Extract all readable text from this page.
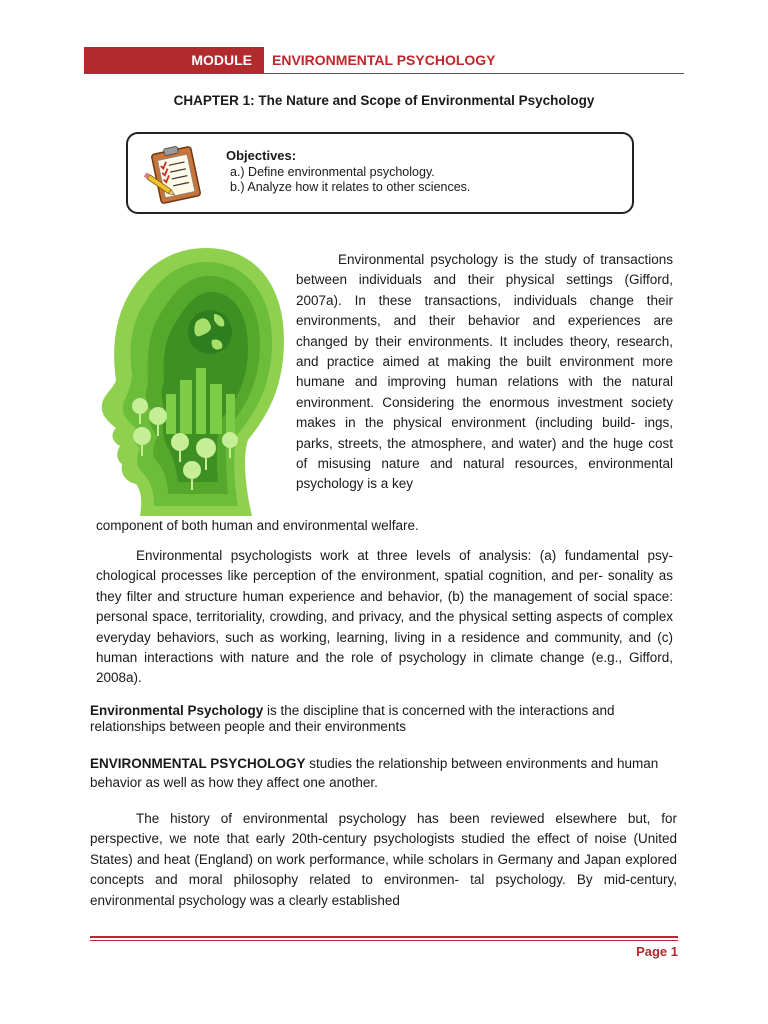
MODULE	ENVIRONMENTAL PSYCHOLOGY
CHAPTER 1: The Nature and Scope of Environmental Psychology
Objectives:
a.) Define environmental psychology.
b.) Analyze how it relates to other sciences.

Environmental psychology is the study of transactions between individuals and their physical settings (Gifford, 2007a). In these transactions, individuals change their environments, and their behavior and experiences are changed by their environments. It includes theory, research, and practice aimed at making the built environment more humane and improving human relations with the natural environment. Considering the enormous investment society makes in the physical environment (including build- ings, parks, streets, the atmosphere, and water) and the huge cost of misusing nature and natural resources, environmental psychology is a key

component of both human and environmental welfare.

Environmental psychologists work at three levels of analysis: (a) fundamental psy- chological processes like perception of the environment, spatial cognition, and per- sonality as they filter and structure human experience and behavior, (b) the management of social space: personal space, territoriality, crowding, and privacy, and the physical setting aspects of complex everyday behaviors, such as working, learning, living in a residence and community, and (c) human interactions with nature and the role of psychology in climate change (e.g., Gifford, 2008a).

Environmental Psychology is the discipline that is concerned with the interactions and relationships between people and their environments

ENVIRONMENTAL PSYCHOLOGY studies the relationship between environments and human behavior as well as how they affect one another.

The history of environmental psychology has been reviewed elsewhere but, for perspective, we note that early 20th-century psychologists studied the effect of noise (United States) and heat (England) on work performance, while scholars in Germany and Japan explored concepts and moral philosophy related to environmen- tal psychology. By mid-century, environmental psychology was a clearly established

Page 1
